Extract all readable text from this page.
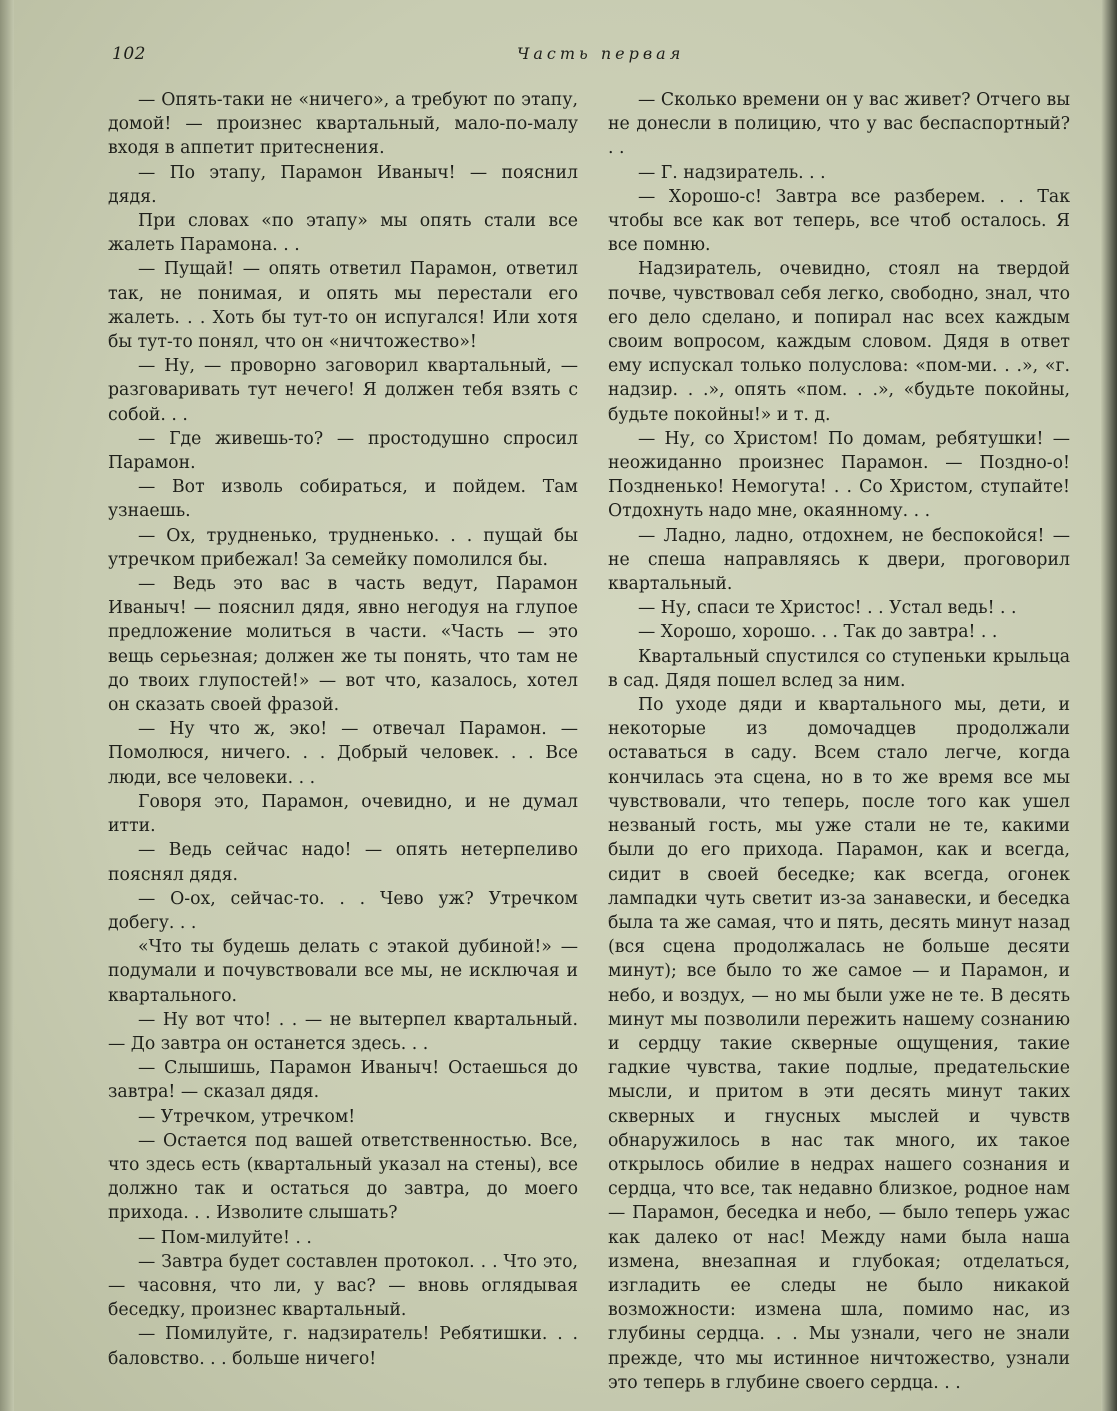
102	Часть первая

— Опять-таки не «ничего», а требуют по этапу, домой! — произнес квартальный, мало-по-малу входя в аппетит притеснения.

— По этапу, Парамон Иваныч! — пояснил дядя.

При словах «по этапу» мы опять стали все жалеть Парамона. . .

— Пущай! — опять ответил Парамон, ответил так, не понимая, и опять мы перестали его жалеть. . . Хоть бы тут-то он испугался! Или хотя бы тут-то понял, что он «ничтожество»!

— Ну, — проворно заговорил квартальный, — разговаривать тут нечего! Я должен тебя взять с собой. . .

— Где живешь-то? — простодушно спросил Парамон.

— Вот изволь собираться, и пойдем. Там узнаешь.

— Ох, трудненько, трудненько. . . пущай бы утречком прибежал! За семейку помолился бы.

— Ведь это вас в часть ведут, Парамон Иваныч! — пояснил дядя, явно негодуя на глупое предложение молиться в части. «Часть — это вещь серьезная; должен же ты понять, что там не до твоих глупостей!» — вот что, казалось, хотел он сказать своей фразой.

— Ну что ж, эко! — отвечал Парамон. — Помолюся, ничего. . . Добрый человек. . . Все люди, все человеки. . .

Говоря это, Парамон, очевидно, и не думал итти.

— Ведь сейчас надо! — опять нетерпеливо пояснял дядя.

— О-ох, сейчас-то. . . Чево уж? Утречком добегу. . .

«Что ты будешь делать с этакой дубиной!» — подумали и почувствовали все мы, не исключая и квартального.

— Ну вот что! . . — не вытерпел квартальный. — До завтра он останется здесь. . .

— Слышишь, Парамон Иваныч! Остаешься до завтра! — сказал дядя.

— Утречком, утречком!

— Остается под вашей ответственностью. Все, что здесь есть (квартальный указал на стены), все должно так и остаться до завтра, до моего прихода. . . Изволите слышать?

— Пом-милуйте! . .

— Завтра будет составлен протокол. . . Что это, — часовня, что ли, у вас? — вновь оглядывая беседку, произнес квартальный.

— Помилуйте, г. надзиратель! Ребятишки. . . баловство. . . больше ничего!

— Сколько времени он у вас живет? Отчего вы не донесли в полицию, что у вас беспаспортный? . .

— Г. надзиратель. . .

— Хорошо-с! Завтра все разберем. . . Так чтобы все как вот теперь, все чтоб осталось. Я все помню.

Надзиратель, очевидно, стоял на твердой почве, чувствовал себя легко, свободно, знал, что его дело сделано, и попирал нас всех каждым своим вопросом, каждым словом. Дядя в ответ ему испускал только полуслова: «пом-ми. . .», «г. надзир. . .», опять «пом. . .», «будьте покойны, будьте покойны!» и т. д.

— Ну, со Христом! По домам, ребятушки! — неожиданно произнес Парамон. — Поздно-о! Поздненько! Немогута! . . Со Христом, ступайте! Отдохнуть надо мне, окаянному. . .

— Ладно, ладно, отдохнем, не беспокойся! — не спеша направляясь к двери, проговорил квартальный.

— Ну, спаси те Христос! . . Устал ведь! . .

— Хорошо, хорошо. . . Так до завтра! . .

Квартальный спустился со ступеньки крыльца в сад. Дядя пошел вслед за ним.

По уходе дяди и квартального мы, дети, и некоторые из домочадцев продолжали оставаться в саду. Всем стало легче, когда кончилась эта сцена, но в то же время все мы чувствовали, что теперь, после того как ушел незваный гость, мы уже стали не те, какими были до его прихода. Парамон, как и всегда, сидит в своей беседке; как всегда, огонек лампадки чуть светит из-за занавески, и беседка была та же самая, что и пять, десять минут назад (вся сцена продолжалась не больше десяти минут); все было то же самое — и Парамон, и небо, и воздух, — но мы были уже не те. В десять минут мы позволили пережить нашему сознанию и сердцу такие скверные ощущения, такие гадкие чувства, такие подлые, предательские мысли, и притом в эти десять минут таких скверных и гнусных мыслей и чувств обнаружилось в нас так много, их такое открылось обилие в недрах нашего сознания и сердца, что все, так недавно близкое, родное нам — Парамон, беседка и небо, — было теперь ужас как далеко от нас! Между нами была наша измена, внезапная и глубокая; отделаться, изгладить ее следы не было никакой возможности: измена шла, помимо нас, из глубины сердца. . . Мы узнали, чего не знали прежде, что мы истинное ничтожество, узнали это теперь в глубине своего сердца. . .
